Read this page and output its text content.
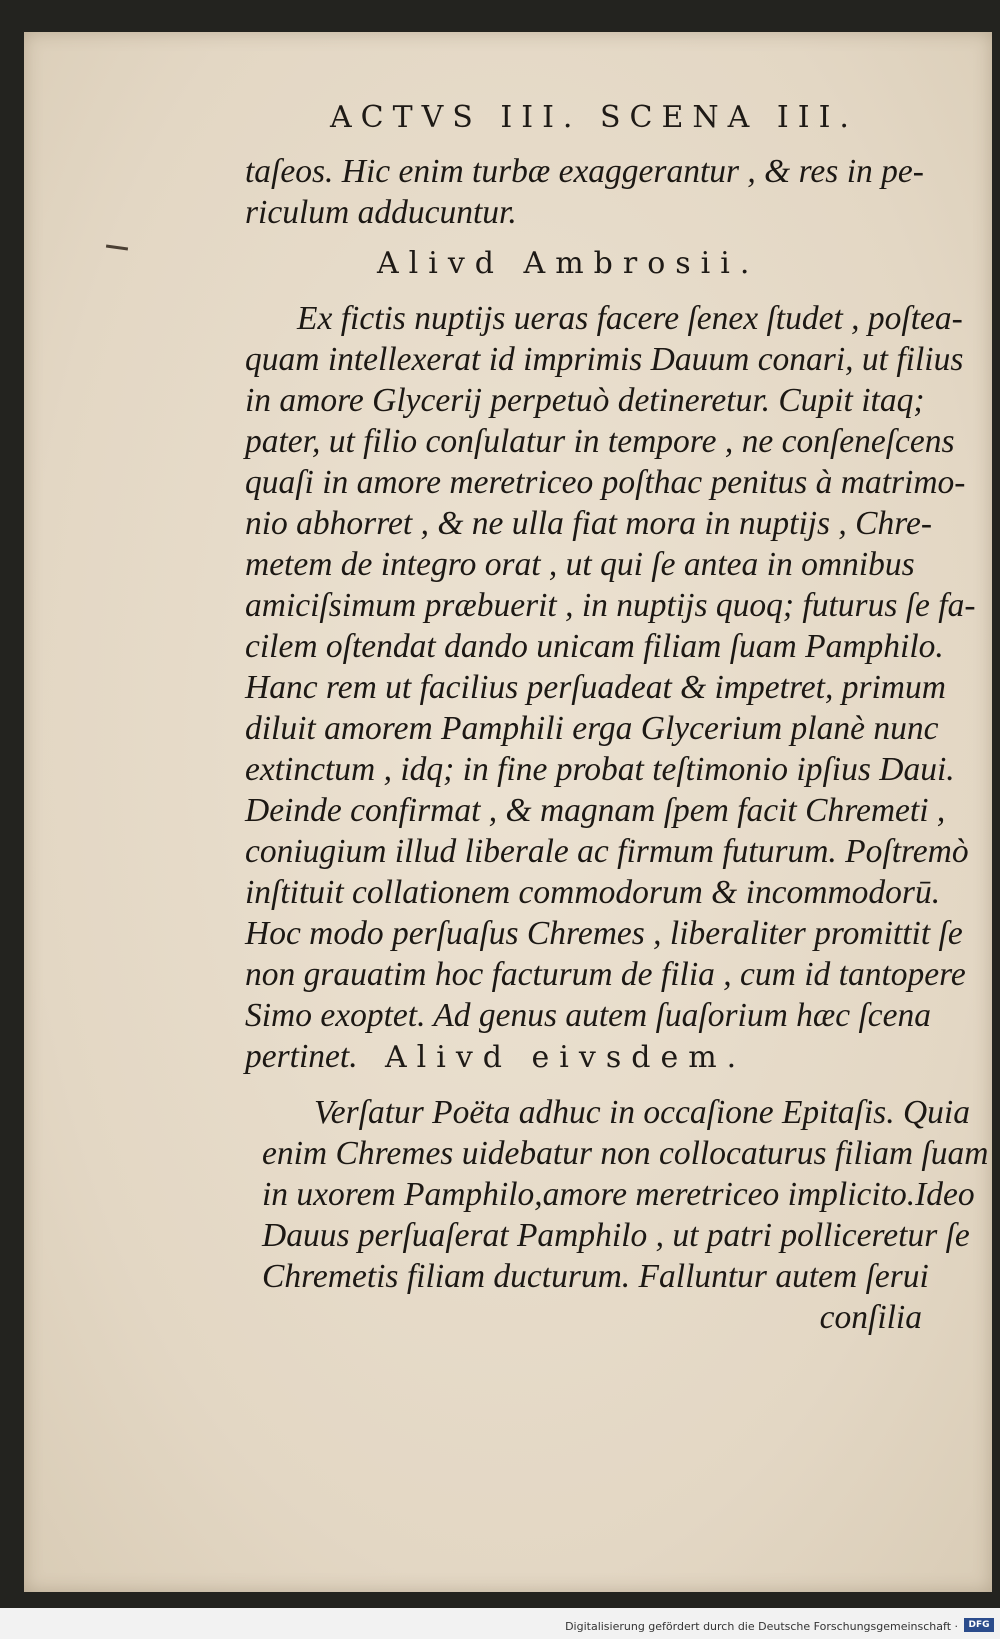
ACTVS III. SCENA III.
taſeos. Hic enim turbæ exaggerantur , & res in pe-
riculum adducuntur.
Alivd Ambrosii.
Ex fictis nuptijs ueras facere ſenex ſtudet , poſtea-
quam intellexerat id imprimis Dauum conari, ut filius
in amore Glycerij perpetuò detineretur. Cupit itaq;
pater, ut filio conſulatur in tempore , ne conſeneſcens
quaſi in amore meretriceo poſthac penitus à matrimo-
nio abhorret , & ne ulla fiat mora in nuptijs , Chre-
metem de integro orat , ut qui ſe antea in omnibus
amiciſsimum præbuerit , in nuptijs quoq; futurus ſe fa-
cilem oſtendat dando unicam filiam ſuam Pamphilo.
Hanc rem ut facilius perſuadeat & impetret, primum
diluit amorem Pamphili erga Glycerium planè nunc
extinctum , idq; in fine probat teſtimonio ipſius Daui.
Deinde confirmat , & magnam ſpem facit Chremeti ,
coniugium illud liberale ac firmum futurum. Poſtremò
inſtituit collationem commodorum & incommodorū.
Hoc modo perſuaſus Chremes , liberaliter promittit ſe
non grauatim hoc facturum de filia , cum id tantopere
Simo exoptet. Ad genus autem ſuaſorium hæc ſcena
pertinet. Alivd eivsdem.
Verſatur Poëta adhuc in occaſione Epitaſis. Quia
enim Chremes uidebatur non collocaturus filiam ſuam
in uxorem Pamphilo,amore meretriceo implicito.Ideo
Dauus perſuaſerat Pamphilo , ut patri polliceretur ſe
Chremetis filiam ducturum. Falluntur autem ſerui
conſilia
Digitalisierung gefördert durch die Deutsche Forschungsgemeinschaft ·	DFG
